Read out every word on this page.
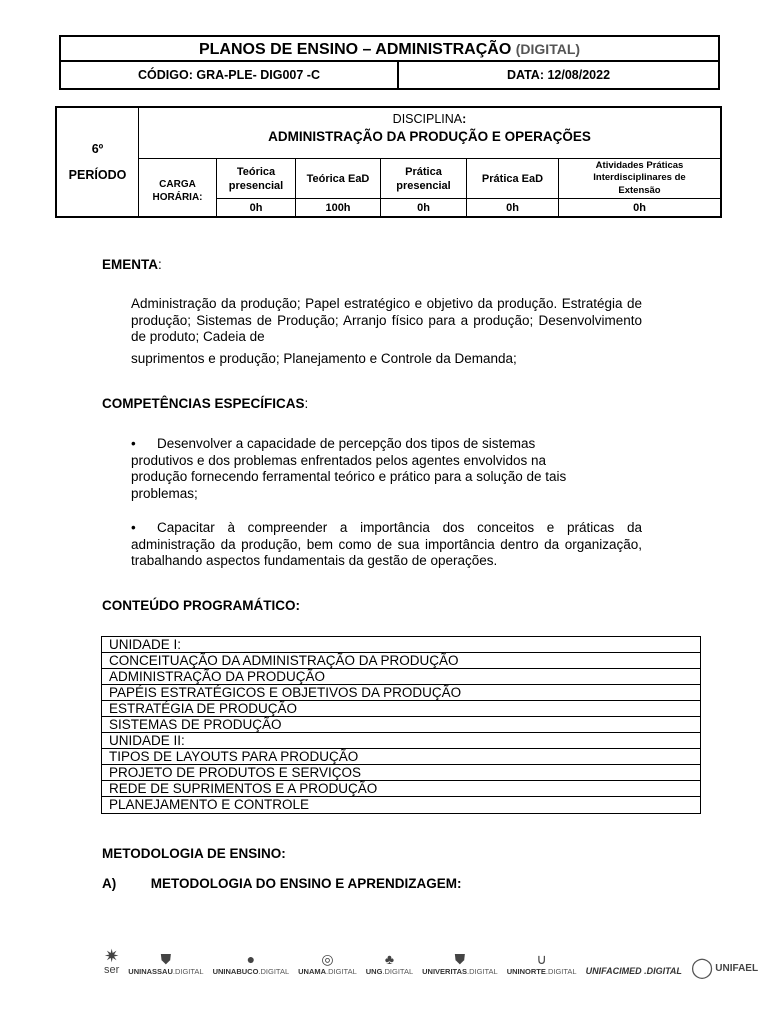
PLANOS DE ENSINO – ADMINISTRAÇÃO (DIGITAL)
CÓDIGO: GRA-PLE- DIG007 -C	DATA: 12/08/2022
6º
PERÍODO
DISCIPLINA:
ADMINISTRAÇÃO DA PRODUÇÃO E OPERAÇÕES
CARGA HORÁRIA:
Teórica presencial
0h
Teórica EaD
100h
Prática presencial
0h
Prática EaD
0h
Atividades Práticas Interdisciplinares de Extensão
0h
EMENTA:
Administração da produção; Papel estratégico e objetivo da produção. Estratégia de produção; Sistemas de Produção; Arranjo físico para a produção; Desenvolvimento de produto; Cadeia de
suprimentos e produção; Planejamento e Controle da Demanda;
COMPETÊNCIAS ESPECÍFICAS:
• Desenvolver a capacidade de percepção dos tipos de sistemas produtivos e dos problemas enfrentados pelos agentes envolvidos na produção fornecendo ferramental teórico e prático para a solução de tais problemas;
• Capacitar à compreender a importância dos conceitos e práticas da administração da produção, bem como de sua importância dentro da organização, trabalhando aspectos fundamentais da gestão de operações.
CONTEÚDO PROGRAMÁTICO:
UNIDADE I:
CONCEITUAÇÃO DA ADMINISTRAÇÃO DA PRODUÇÃO
ADMINISTRAÇÃO DA PRODUÇÃO
PAPÉIS ESTRATÉGICOS E OBJETIVOS DA PRODUÇÃO
ESTRATÉGIA DE PRODUÇÃO
SISTEMAS DE PRODUÇÃO
UNIDADE II:
TIPOS DE LAYOUTS PARA PRODUÇÃO
PROJETO DE PRODUTOS E SERVIÇOS
REDE DE SUPRIMENTOS E A PRODUÇÃO
PLANEJAMENTO E CONTROLE
METODOLOGIA DE ENSINO:
A)	METODOLOGIA DO ENSINO E APRENDIZAGEM:
✷
ser
⛊
UNINASSAU.DIGITAL
●
UNINABUCO.DIGITAL
◎
UNAMA.DIGITAL
♣
UNG.DIGITAL
⛊
UNIVERITAS.DIGITAL
∪
UNINORTE.DIGITAL UNIFACIMED .DIGITAL ◯ UNIFAEL
